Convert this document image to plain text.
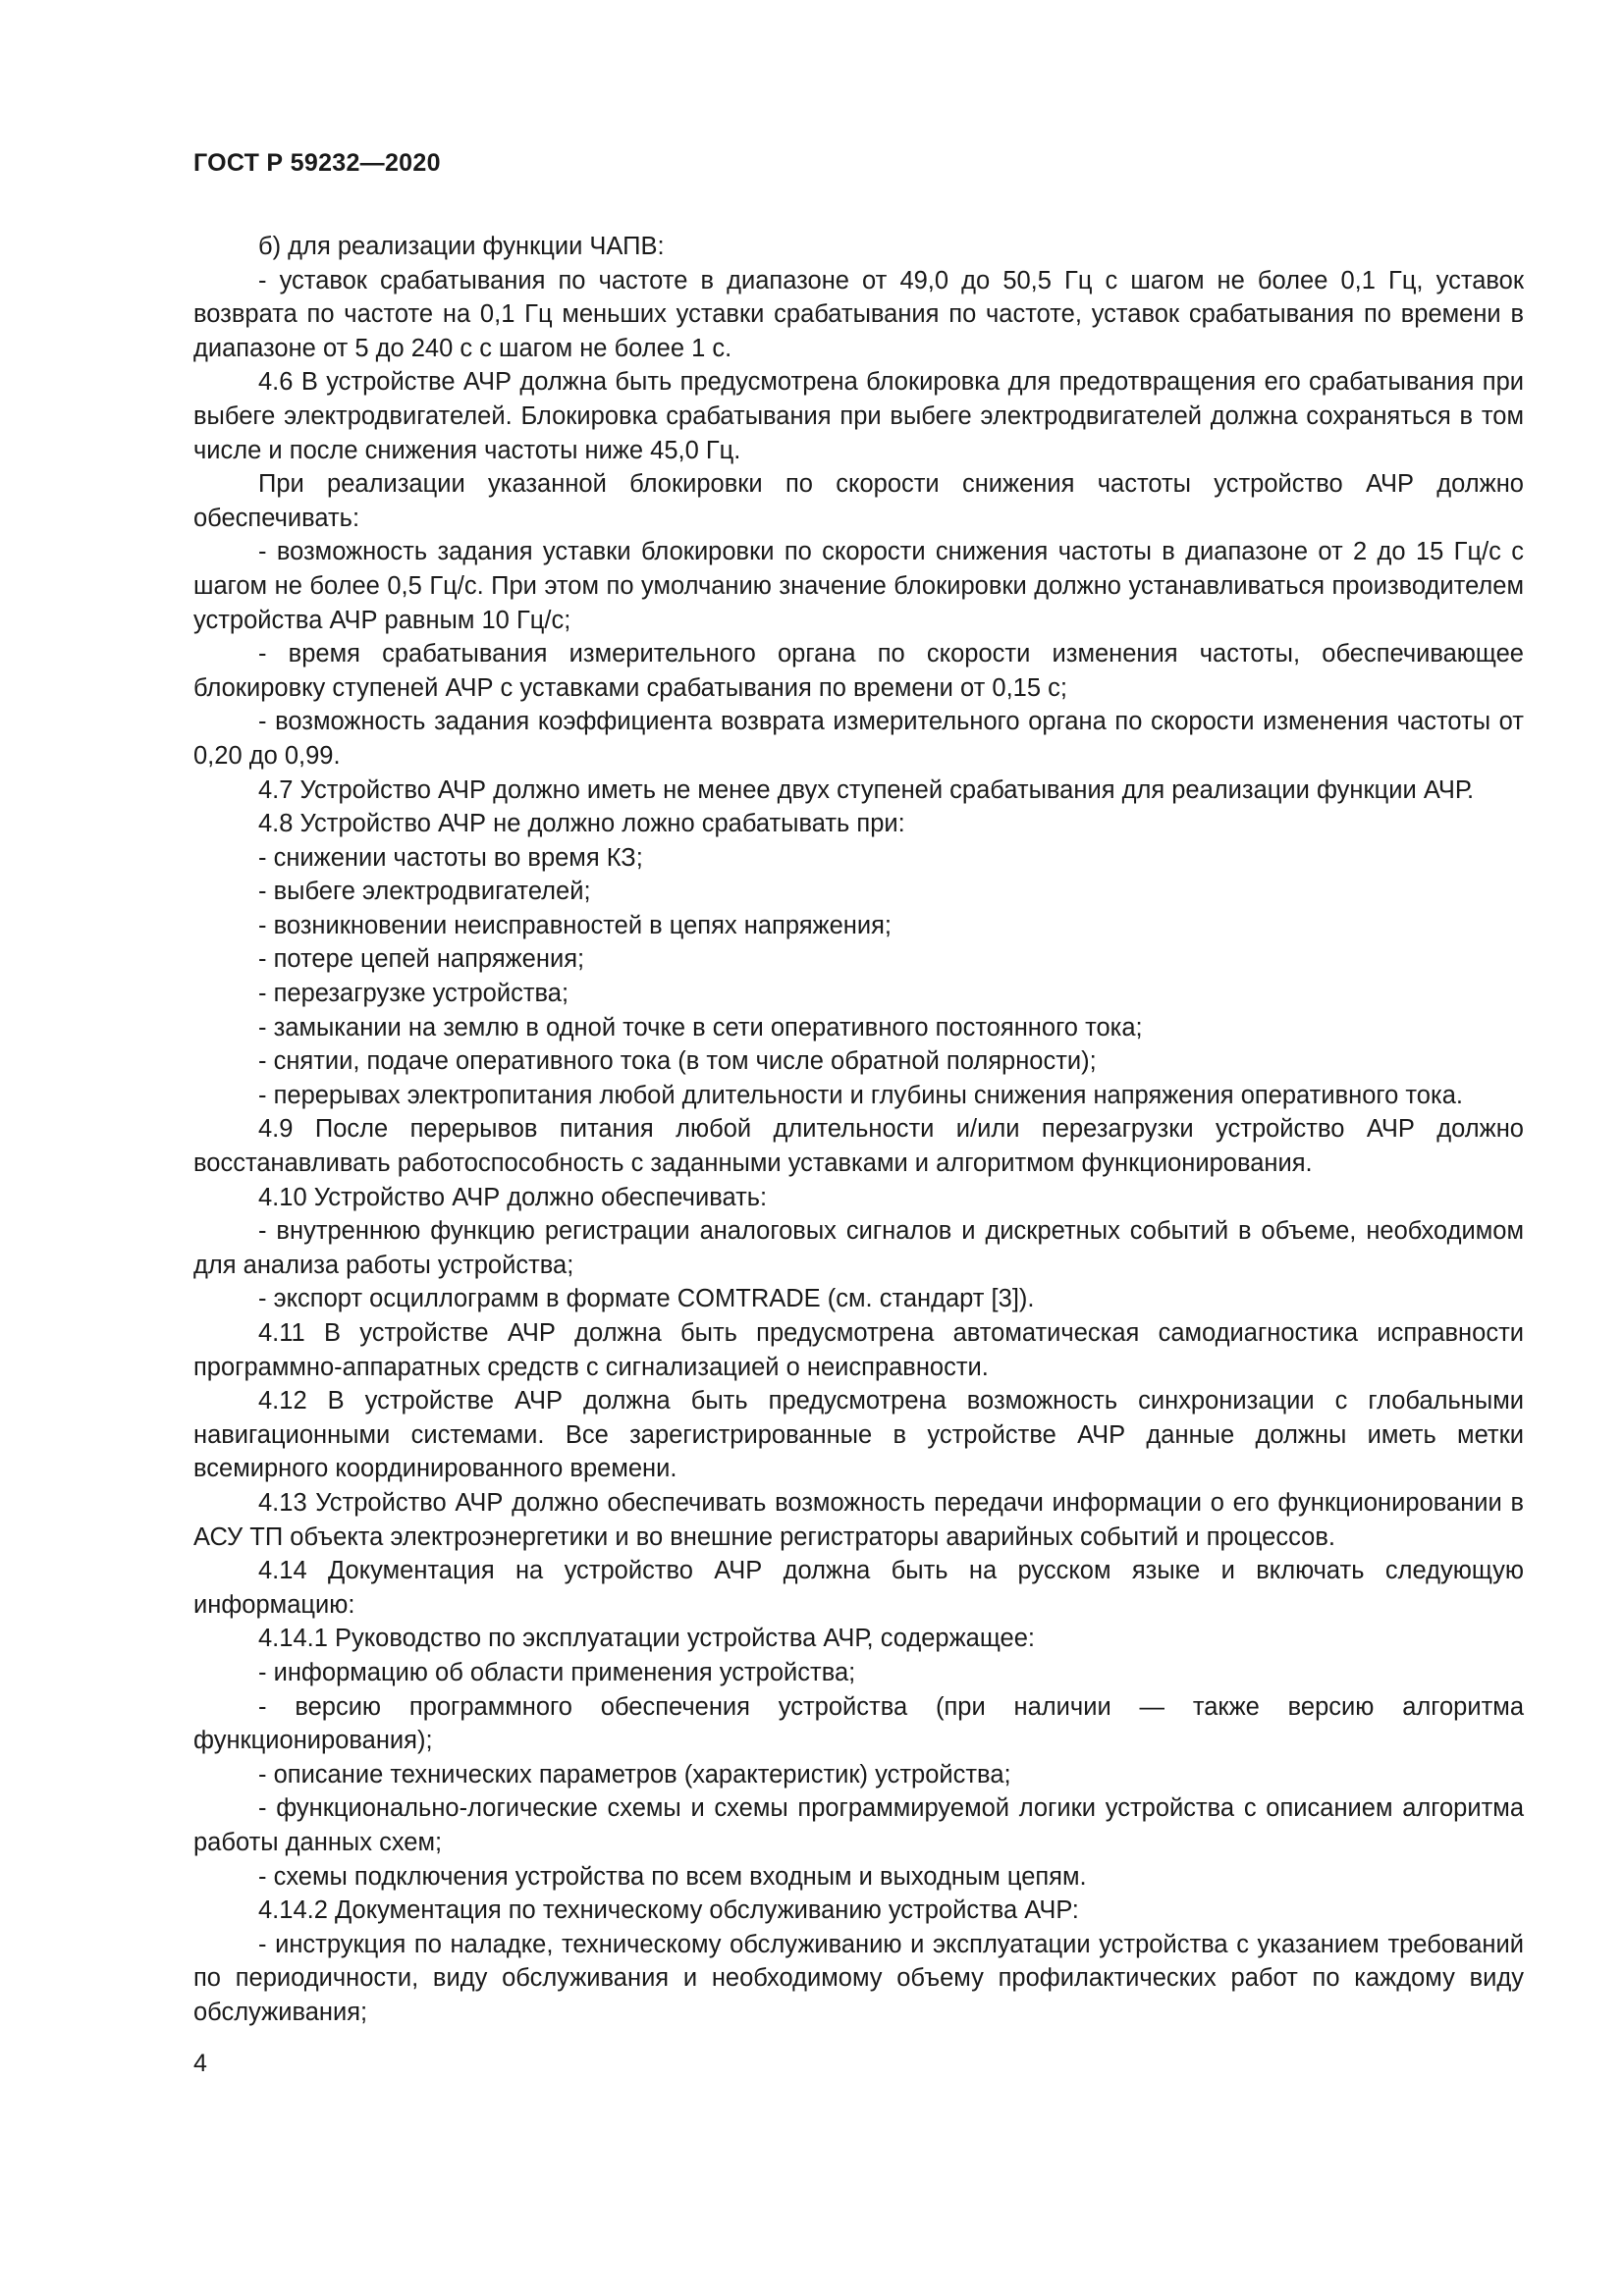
ГОСТ Р 59232—2020

б) для реализации функции ЧАПВ:

- уставок срабатывания по частоте в диапазоне от 49,0 до 50,5 Гц с шагом не более 0,1 Гц, уставок возврата по частоте на 0,1 Гц меньших уставки срабатывания по частоте, уставок срабатывания по времени в диапазоне от 5 до 240 с с шагом не более 1 с.

4.6 В устройстве АЧР должна быть предусмотрена блокировка для предотвращения его срабатывания при выбеге электродвигателей. Блокировка срабатывания при выбеге электродвигателей должна сохраняться в том числе и после снижения частоты ниже 45,0 Гц.

При реализации указанной блокировки по скорости снижения частоты устройство АЧР должно обеспечивать:

- возможность задания уставки блокировки по скорости снижения частоты в диапазоне от 2 до 15 Гц/с с шагом не более 0,5 Гц/с. При этом по умолчанию значение блокировки должно устанавливаться производителем устройства АЧР равным 10 Гц/с;

- время срабатывания измерительного органа по скорости изменения частоты, обеспечивающее блокировку ступеней АЧР с уставками срабатывания по времени от 0,15 с;

- возможность задания коэффициента возврата измерительного органа по скорости изменения частоты от 0,20 до 0,99.

4.7 Устройство АЧР должно иметь не менее двух ступеней срабатывания для реализации функции АЧР.

4.8 Устройство АЧР не должно ложно срабатывать при:

- снижении частоты во время КЗ;

- выбеге электродвигателей;

- возникновении неисправностей в цепях напряжения;

- потере цепей напряжения;

- перезагрузке устройства;

- замыкании на землю в одной точке в сети оперативного постоянного тока;

- снятии, подаче оперативного тока (в том числе обратной полярности);

- перерывах электропитания любой длительности и глубины снижения напряжения оперативного тока.

4.9 После перерывов питания любой длительности и/или перезагрузки устройство АЧР должно восстанавливать работоспособность с заданными уставками и алгоритмом функционирования.

4.10 Устройство АЧР должно обеспечивать:

- внутреннюю функцию регистрации аналоговых сигналов и дискретных событий в объеме, необходимом для анализа работы устройства;

- экспорт осциллограмм в формате COMTRADE (см. стандарт [3]).

4.11 В устройстве АЧР должна быть предусмотрена автоматическая самодиагностика исправности программно-аппаратных средств с сигнализацией о неисправности.

4.12 В устройстве АЧР должна быть предусмотрена возможность синхронизации с глобальными навигационными системами. Все зарегистрированные в устройстве АЧР данные должны иметь метки всемирного координированного времени.

4.13 Устройство АЧР должно обеспечивать возможность передачи информации о его функционировании в АСУ ТП объекта электроэнергетики и во внешние регистраторы аварийных событий и процессов.

4.14 Документация на устройство АЧР должна быть на русском языке и включать следующую информацию:

4.14.1 Руководство по эксплуатации устройства АЧР, содержащее:

- информацию об области применения устройства;

- версию программного обеспечения устройства (при наличии — также версию алгоритма функционирования);

- описание технических параметров (характеристик) устройства;

- функционально-логические схемы и схемы программируемой логики устройства с описанием алгоритма работы данных схем;

- схемы подключения устройства по всем входным и выходным цепям.

4.14.2 Документация по техническому обслуживанию устройства АЧР:

- инструкция по наладке, техническому обслуживанию и эксплуатации устройства с указанием требований по периодичности, виду обслуживания и необходимому объему профилактических работ по каждому виду обслуживания;

4
